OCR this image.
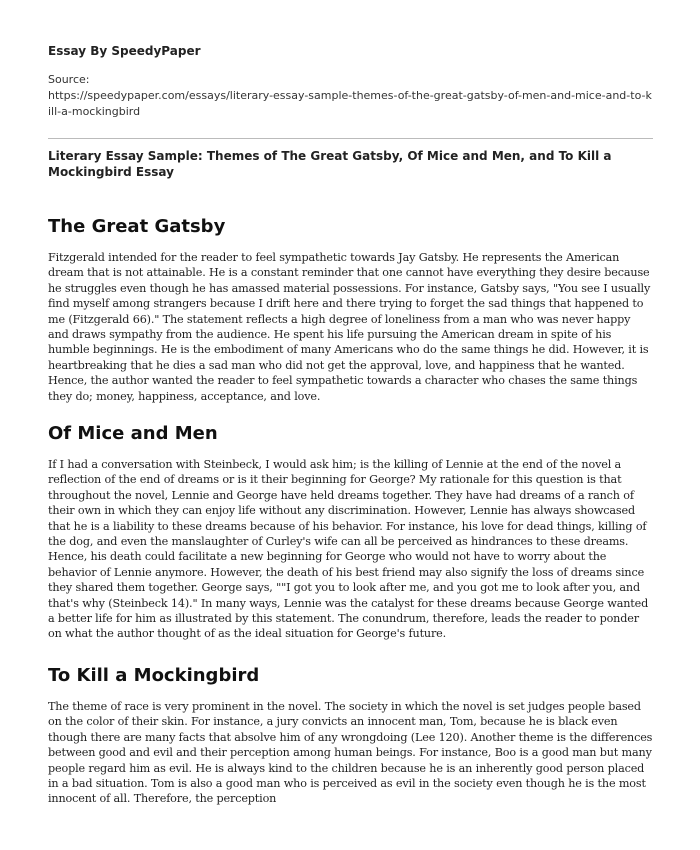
Essay By SpeedyPaper

Source:
https://speedypaper.com/essays/literary-essay-sample-themes-of-the-great-gatsby-of-men-and-mice-and-to-kill-a-mockingbird

Literary Essay Sample: Themes of The Great Gatsby, Of Mice and Men, and To Kill a Mockingbird Essay
The Great Gatsby

Fitzgerald intended for the reader to feel sympathetic towards Jay Gatsby. He represents the American dream that is not attainable. He is a constant reminder that one cannot have everything they desire because he struggles even though he has amassed material possessions. For instance, Gatsby says, "You see I usually find myself among strangers because I drift here and there trying to forget the sad things that happened to me (Fitzgerald 66)." The statement reflects a high degree of loneliness from a man who was never happy and draws sympathy from the audience. He spent his life pursuing the American dream in spite of his humble beginnings. He is the embodiment of many Americans who do the same things he did. However, it is heartbreaking that he dies a sad man who did not get the approval, love, and happiness that he wanted. Hence, the author wanted the reader to feel sympathetic towards a character who chases the same things they do; money, happiness, acceptance, and love.

Of Mice and Men

If I had a conversation with Steinbeck, I would ask him; is the killing of Lennie at the end of the novel a reflection of the end of dreams or is it their beginning for George? My rationale for this question is that throughout the novel, Lennie and George have held dreams together. They have had dreams of a ranch of their own in which they can enjoy life without any discrimination. However, Lennie has always showcased that he is a liability to these dreams because of his behavior. For instance, his love for dead things, killing of the dog, and even the manslaughter of Curley's wife can all be perceived as hindrances to these dreams. Hence, his death could facilitate a new beginning for George who would not have to worry about the behavior of Lennie anymore. However, the death of his best friend may also signify the loss of dreams since they shared them together. George says, ""I got you to look after me, and you got me to look after you, and that's why (Steinbeck 14)." In many ways, Lennie was the catalyst for these dreams because George wanted a better life for him as illustrated by this statement. The conundrum, therefore, leads the reader to ponder on what the author thought of as the ideal situation for George's future.

To Kill a Mockingbird

The theme of race is very prominent in the novel. The society in which the novel is set judges people based on the color of their skin. For instance, a jury convicts an innocent man, Tom, because he is black even though there are many facts that absolve him of any wrongdoing (Lee 120). Another theme is the differences between good and evil and their perception among human beings. For instance, Boo is a good man but many people regard him as evil. He is always kind to the children because he is an inherently good person placed in a bad situation. Tom is also a good man who is perceived as evil in the society even though he is the most innocent of all. Therefore, the perception
